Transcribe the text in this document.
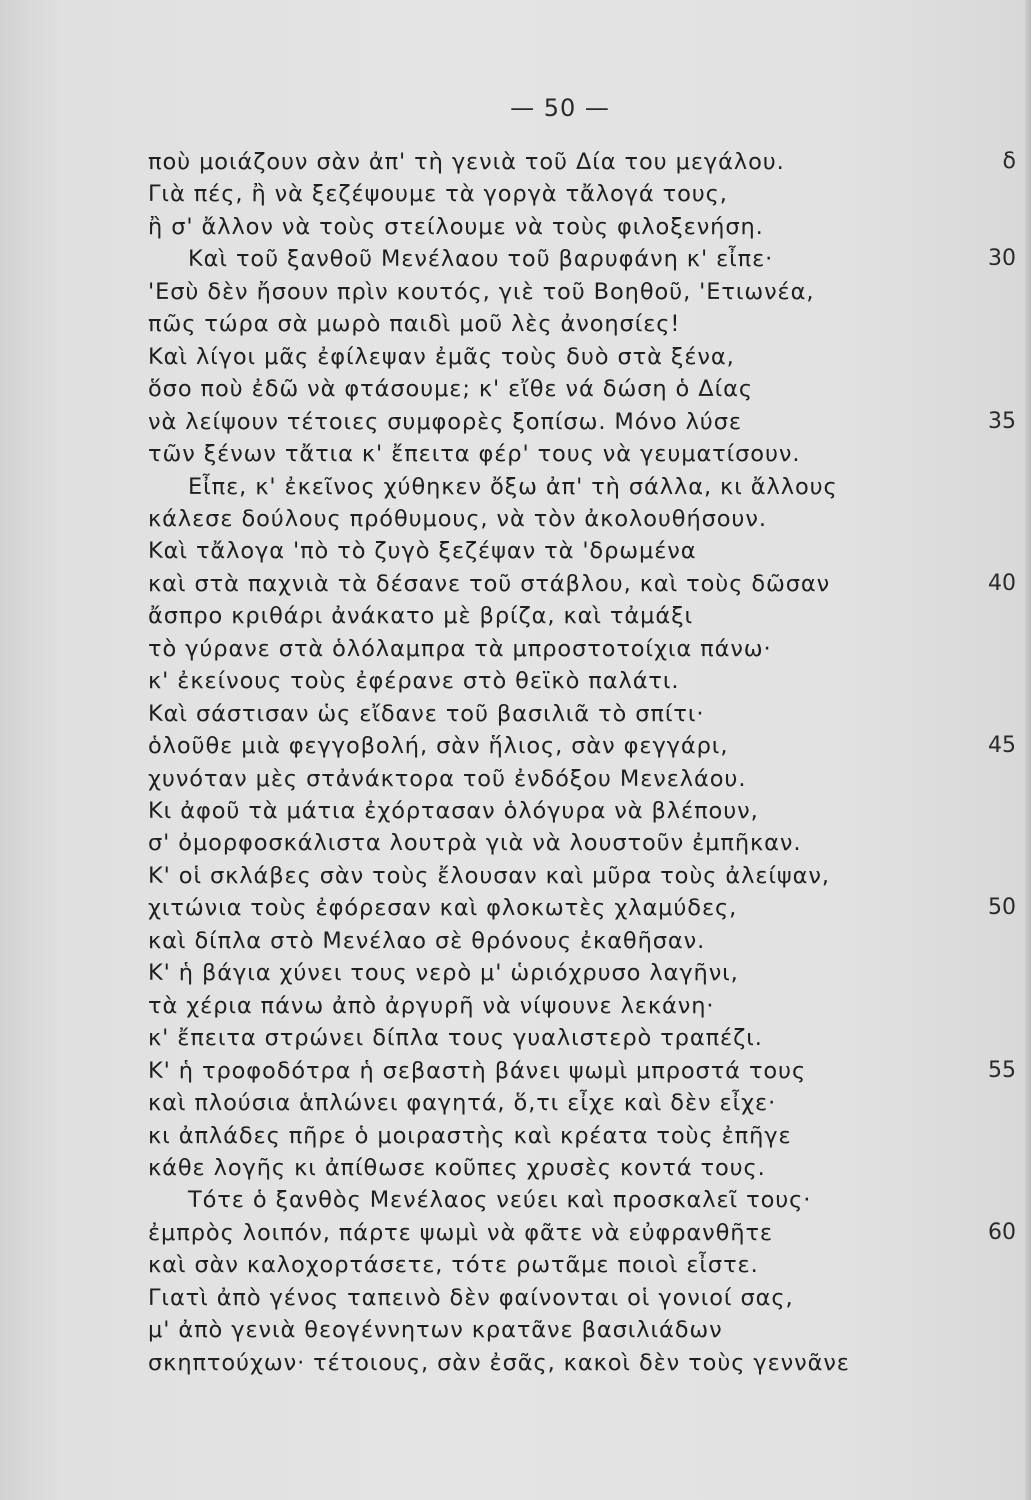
— 50 —
ποὺ μοιάζουν σὰν ἀπ' τὴ γενιὰ τοῦ Δία του μεγάλου.
Γιὰ πές, ἢ νὰ ξεζέψουμε τὰ γοργὰ τἄλογά τους,
ἢ σ' ἄλλον νὰ τοὺς στείλουμε νὰ τοὺς φιλοξενήση.
Καὶ τοῦ ξανθοῦ Μενέλαου τοῦ βαρυφάνη κ' εἶπε·
'Εσὺ δὲν ἤσουν πρὶν κουτός, γιὲ τοῦ Βοηθοῦ, 'Ετιωνέα,
πῶς τώρα σὰ μωρὸ παιδὶ μοῦ λὲς ἀνοησίες!
Καὶ λίγοι μᾶς ἐφίλεψαν ἐμᾶς τοὺς δυὸ στὰ ξένα,
ὅσο ποὺ ἐδῶ νὰ φτάσουμε; κ' εἴθε νά δώση ὁ Δίας
νὰ λείψουν τέτοιες συμφορὲς ξοπίσω. Μόνο λύσε
τῶν ξένων τἄτια κ' ἔπειτα φέρ' τους νὰ γευματίσουν.
Εἶπε, κ' ἐκεῖνος χύθηκεν ὄξω ἀπ' τὴ σάλλα, κι ἄλλους
κάλεσε δούλους πρόθυμους, νὰ τὸν ἀκολουθήσουν.
Καὶ τἄλογα 'πὸ τὸ ζυγὸ ξεζέψαν τὰ 'δρωμένα
καὶ στὰ παχνιὰ τὰ δέσανε τοῦ στάβλου, καὶ τοὺς δῶσαν
ἄσπρο κριθάρι ἀνάκατο μὲ βρίζα, καὶ τἀμάξι
τὸ γύρανε στὰ ὁλόλαμπρα τὰ μπροστοτοίχια πάνω·
κ' ἐκείνους τοὺς ἐφέρανε στὸ θεϊκὸ παλάτι.
Καὶ σάστισαν ὡς εἴδανε τοῦ βασιλιᾶ τὸ σπίτι·
ὁλοῦθε μιὰ φεγγοβολή, σὰν ἥλιος, σὰν φεγγάρι,
χυνόταν μὲς στἀνάκτορα τοῦ ἐνδόξου Μενελάου.
Κι ἀφοῦ τὰ μάτια ἐχόρτασαν ὁλόγυρα νὰ βλέπουν,
σ' ὀμορφοσκάλιστα λουτρὰ γιὰ νὰ λουστοῦν ἐμπῆκαν.
Κ' οἱ σκλάβες σὰν τοὺς ἔλουσαν καὶ μῦρα τοὺς ἀλείψαν,
χιτώνια τοὺς ἐφόρεσαν καὶ φλοκωτὲς χλαμύδες,
καὶ δίπλα στὸ Μενέλαο σὲ θρόνους ἐκαθῆσαν.
Κ' ἡ βάγια χύνει τους νερὸ μ' ὡριόχρυσο λαγῆνι,
τὰ χέρια πάνω ἀπὸ ἀργυρῆ νὰ νίψουνε λεκάνη·
κ' ἔπειτα στρώνει δίπλα τους γυαλιστερὸ τραπέζι.
Κ' ἡ τροφοδότρα ἡ σεβαστὴ βάνει ψωμὶ μπροστά τους
καὶ πλούσια ἁπλώνει φαγητά, ὅ,τι εἶχε καὶ δὲν εἶχε·
κι ἀπλάδες πῆρε ὁ μοιραστὴς καὶ κρέατα τοὺς ἐπῆγε
κάθε λογῆς κι ἀπίθωσε κοῦπες χρυσὲς κοντά τους.
Τότε ὁ ξανθὸς Μενέλαος νεύει καὶ προσκαλεῖ τους·
ἐμπρὸς λοιπόν, πάρτε ψωμὶ νὰ φᾶτε νὰ εὐφρανθῆτε
καὶ σὰν καλοχορτάσετε, τότε ρωτᾶμε ποιοὶ εἶστε.
Γιατὶ ἀπὸ γένος ταπεινὸ δὲν φαίνονται οἱ γονιοί σας,
μ' ἀπὸ γενιὰ θεογέννητων κρατᾶνε βασιλιάδων
σκηπτούχων· τέτοιους, σὰν ἐσᾶς, κακοὶ δὲν τοὺς γεννᾶνε
δ
30
35
40
45
50
55
60
